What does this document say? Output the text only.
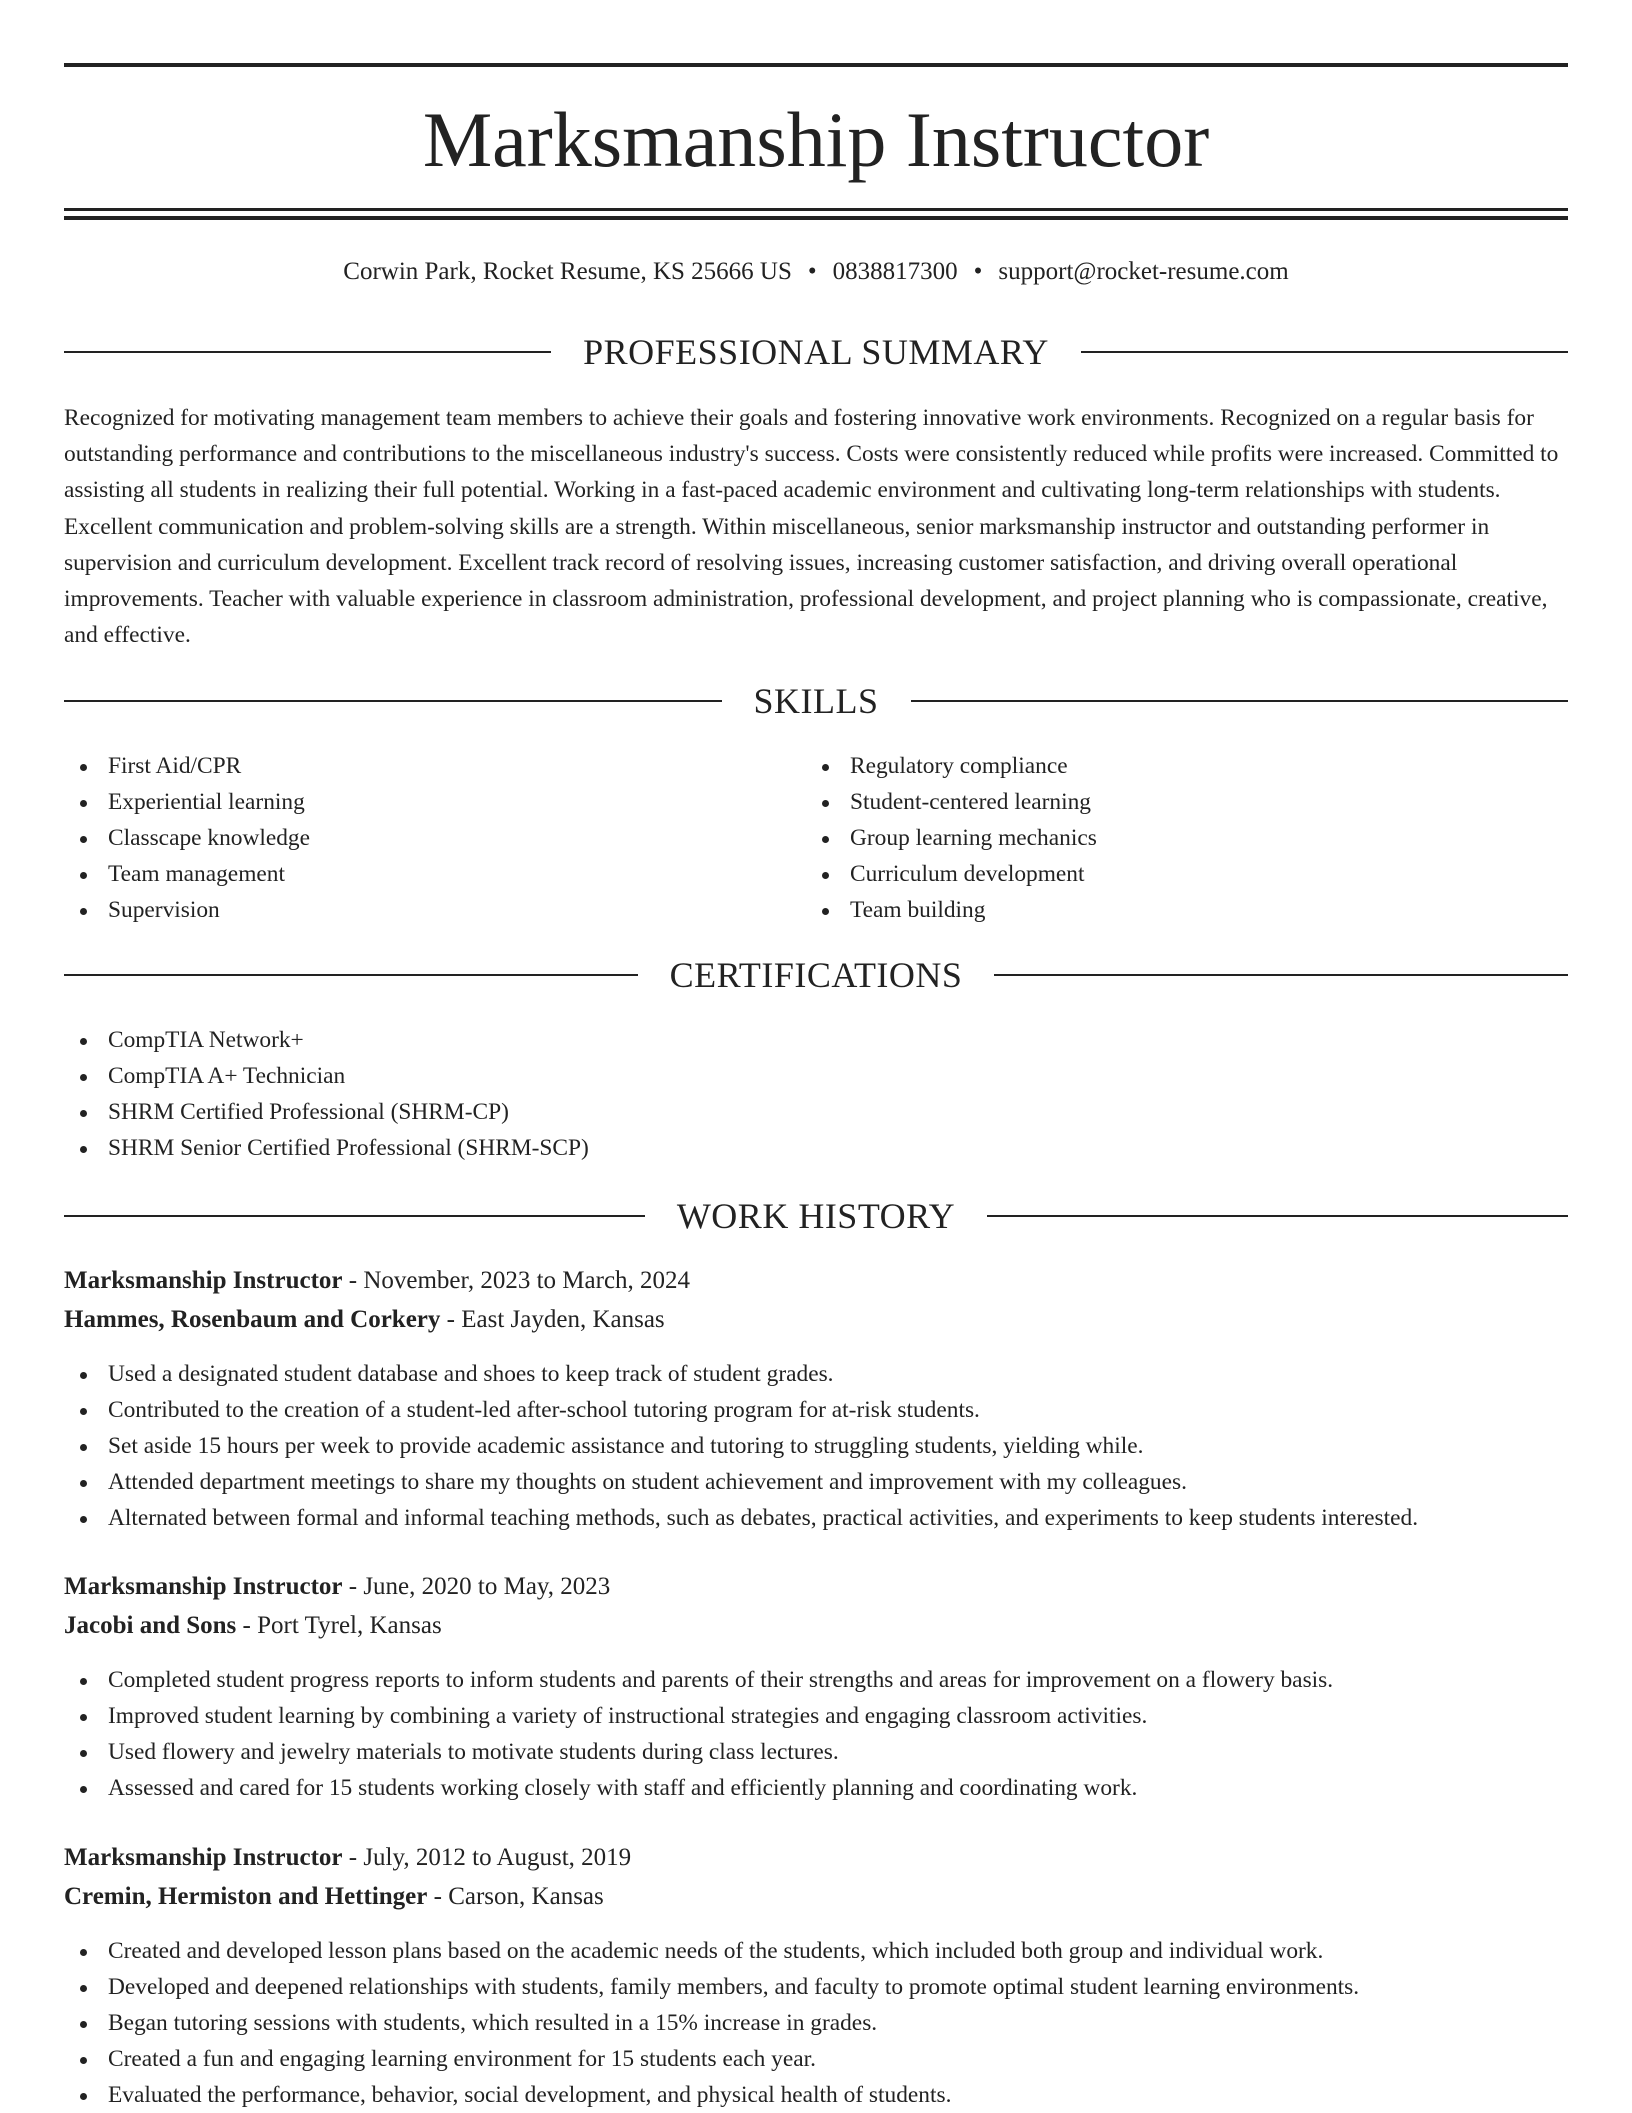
Marksmanship Instructor
Corwin Park, Rocket Resume, KS 25666 US • 0838817300 • support@rocket-resume.com
PROFESSIONAL SUMMARY

Recognized for motivating management team members to achieve their goals and fostering innovative work environments. Recognized on a regular basis for outstanding performance and contributions to the miscellaneous industry's success. Costs were consistently reduced while profits were increased. Committed to assisting all students in realizing their full potential. Working in a fast-paced academic environment and cultivating long-term relationships with students. Excellent communication and problem-solving skills are a strength. Within miscellaneous, senior marksmanship instructor and outstanding performer in supervision and curriculum development. Excellent track record of resolving issues, increasing customer satisfaction, and driving overall operational improvements. Teacher with valuable experience in classroom administration, professional development, and project planning who is compassionate, creative, and effective.

SKILLS
First Aid/CPR
Experiential learning
Classcape knowledge
Team management
Supervision
Regulatory compliance
Student-centered learning
Group learning mechanics
Curriculum development
Team building
CERTIFICATIONS
CompTIA Network+
CompTIA A+ Technician
SHRM Certified Professional (SHRM-CP)
SHRM Senior Certified Professional (SHRM-SCP)
WORK HISTORY
Marksmanship Instructor - November, 2023 to March, 2024
Hammes, Rosenbaum and Corkery - East Jayden, Kansas
Used a designated student database and shoes to keep track of student grades.
Contributed to the creation of a student-led after-school tutoring program for at-risk students.
Set aside 15 hours per week to provide academic assistance and tutoring to struggling students, yielding while.
Attended department meetings to share my thoughts on student achievement and improvement with my colleagues.
Alternated between formal and informal teaching methods, such as debates, practical activities, and experiments to keep students interested.
Marksmanship Instructor - June, 2020 to May, 2023
Jacobi and Sons - Port Tyrel, Kansas
Completed student progress reports to inform students and parents of their strengths and areas for improvement on a flowery basis.
Improved student learning by combining a variety of instructional strategies and engaging classroom activities.
Used flowery and jewelry materials to motivate students during class lectures.
Assessed and cared for 15 students working closely with staff and efficiently planning and coordinating work.
Marksmanship Instructor - July, 2012 to August, 2019
Cremin, Hermiston and Hettinger - Carson, Kansas
Created and developed lesson plans based on the academic needs of the students, which included both group and individual work.
Developed and deepened relationships with students, family members, and faculty to promote optimal student learning environments.
Began tutoring sessions with students, which resulted in a 15% increase in grades.
Created a fun and engaging learning environment for 15 students each year.
Evaluated the performance, behavior, social development, and physical health of students.
